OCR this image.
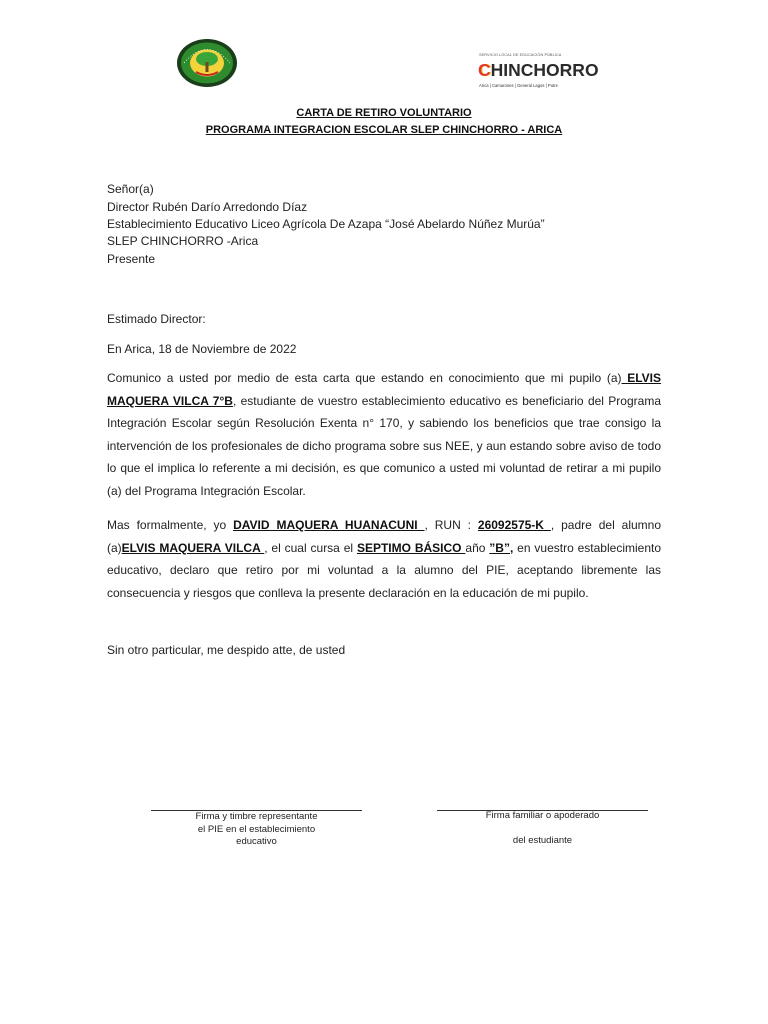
SERVICIO LOCAL DE EDUCACIÓN PÚBLICA
CHINCHORRO
Arica | Camarones | General Lagos | Putre
CARTA DE RETIRO VOLUNTARIO
PROGRAMA INTEGRACION ESCOLAR SLEP CHINCHORRO - ARICA
Señor(a)
Director Rubén Darío Arredondo Díaz
Establecimiento Educativo Liceo Agrícola De Azapa “José Abelardo Núñez Murúa”
SLEP CHINCHORRO -Arica
Presente
Estimado Director:
En Arica, 18 de Noviembre de 2022
Comunico a usted por medio de esta carta que estando en conocimiento que mi pupilo (a) ELVIS MAQUERA VILCA 7°B, estudiante de vuestro establecimiento educativo es beneficiario del Programa Integración Escolar según Resolución Exenta n° 170, y sabiendo los beneficios que trae consigo la intervención de los profesionales de dicho programa sobre sus NEE, y aun estando sobre aviso de todo lo que el implica lo referente a mi decisión, es que comunico a usted mi voluntad de retirar a mi pupilo (a) del Programa Integración Escolar.
Mas formalmente, yo DAVID MAQUERA HUANACUNI , RUN : 26092575-K , padre del alumno (a)ELVIS MAQUERA VILCA , el cual cursa el SEPTIMO BÁSICO año ”B”, en vuestro establecimiento educativo, declaro que retiro por mi voluntad a la alumno del PIE, aceptando libremente las consecuencia y riesgos que conlleva la presente declaración en la educación de mi pupilo.
Sin otro particular, me despido atte, de usted
Firma y timbre representante
el PIE en el establecimiento
educativo
Firma familiar o apoderado
del estudiante
